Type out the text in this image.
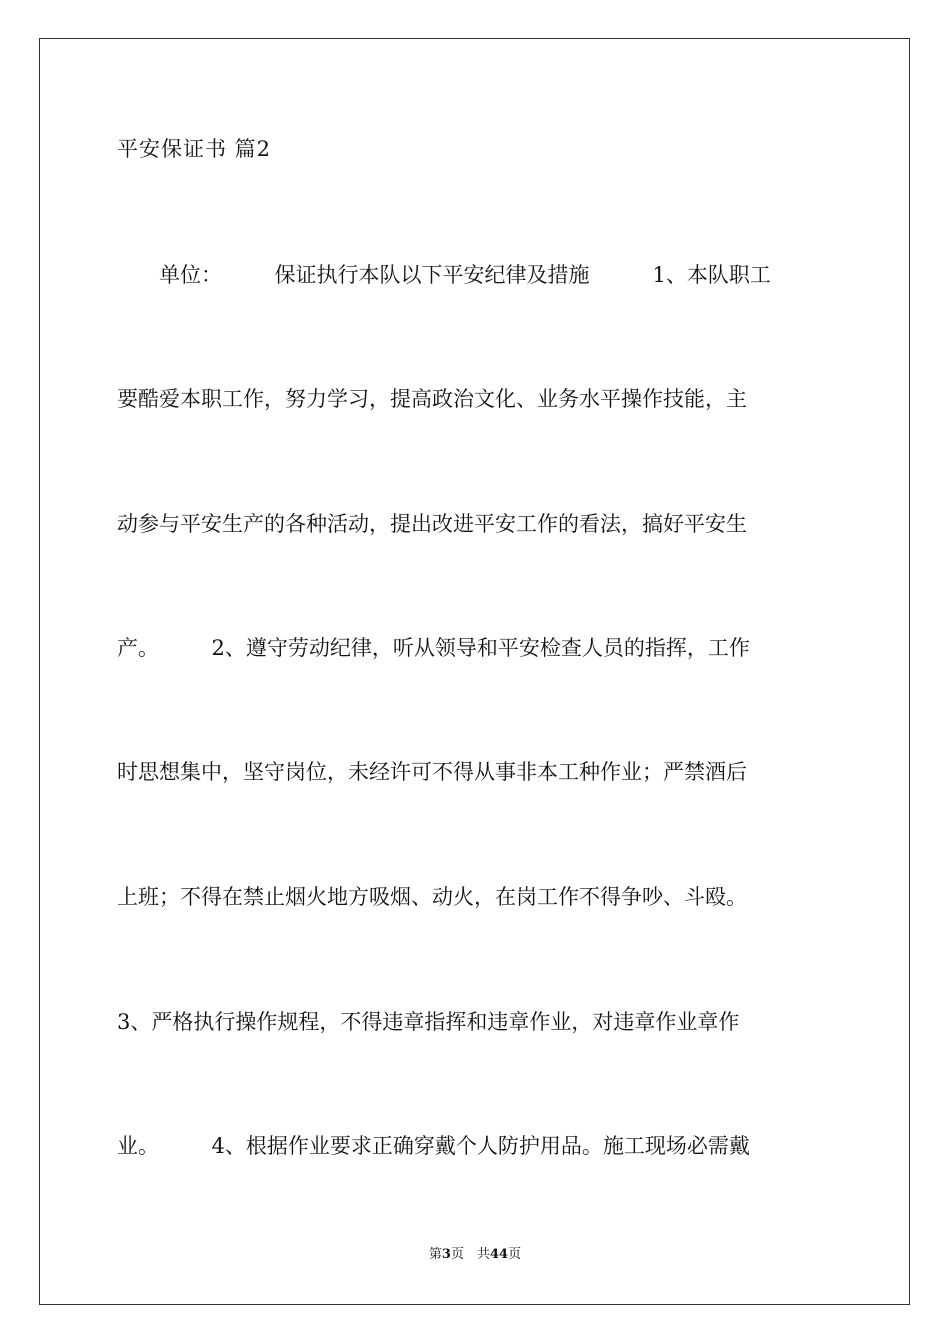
平安保证书 篇2
　　单位：　　　保证执行本队以下平安纪律及措施　　　1、本队职工
要酷爱本职工作，努力学习，提高政治文化、业务水平操作技能，主
动参与平安生产的各种活动，提出改进平安工作的看法，搞好平安生
产。　　　2、遵守劳动纪律，听从领导和平安检查人员的指挥，工作
时思想集中，坚守岗位，未经许可不得从事非本工种作业；严禁酒后
上班；不得在禁止烟火地方吸烟、动火，在岗工作不得争吵、斗殴。
3、严格执行操作规程，不得违章指挥和违章作业，对违章作业章作
业。　　　4、根据作业要求正确穿戴个人防护用品。施工现场必需戴
第3页　共44页
